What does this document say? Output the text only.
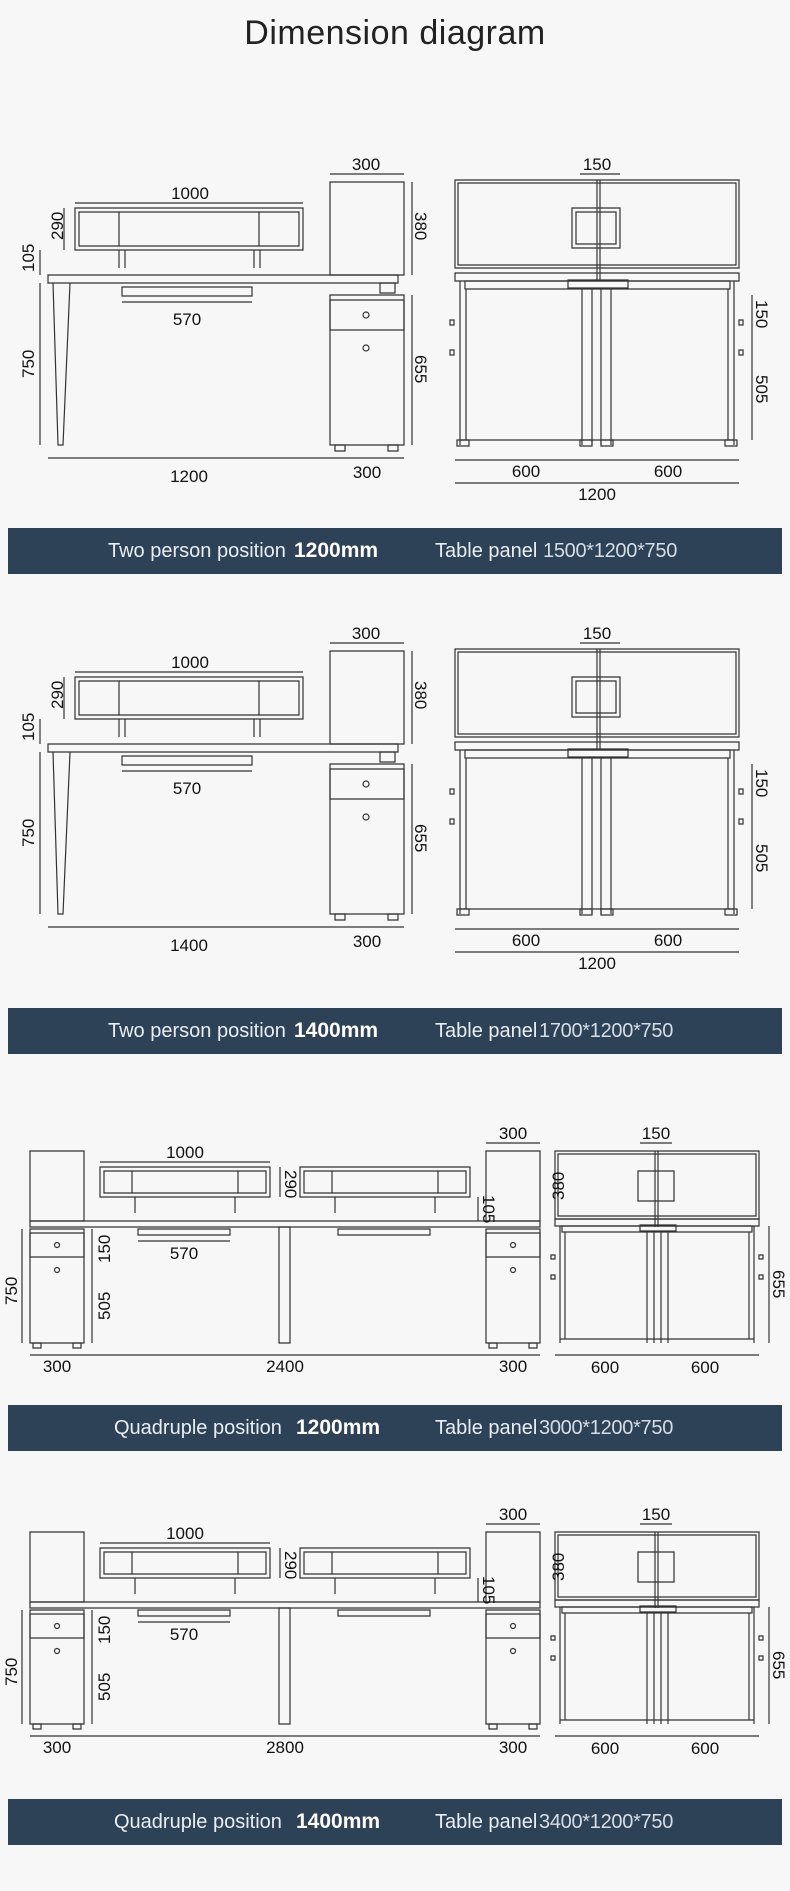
Dimension diagram
1000
300
570
1200	300
290
105
750
380
655
150
150
505
600	600
1200
Two person position 1200mm	Table panel 1500*1200*750
1000
300
570
1400	300
290
105
750
380
655
150
150
505
600	600
1200
Two person position 1400mm	Table panel 1700*1200*750
1000
300
570
300	2400	300
750
150
505
290
105
380
150
655
600	600
Quadruple position 1200mm	Table panel 3000*1200*750
1000
300
570
300	2800	300
750
150
505
290
105
380
150
655
600	600
Quadruple position 1400mm	Table panel 3400*1200*750
